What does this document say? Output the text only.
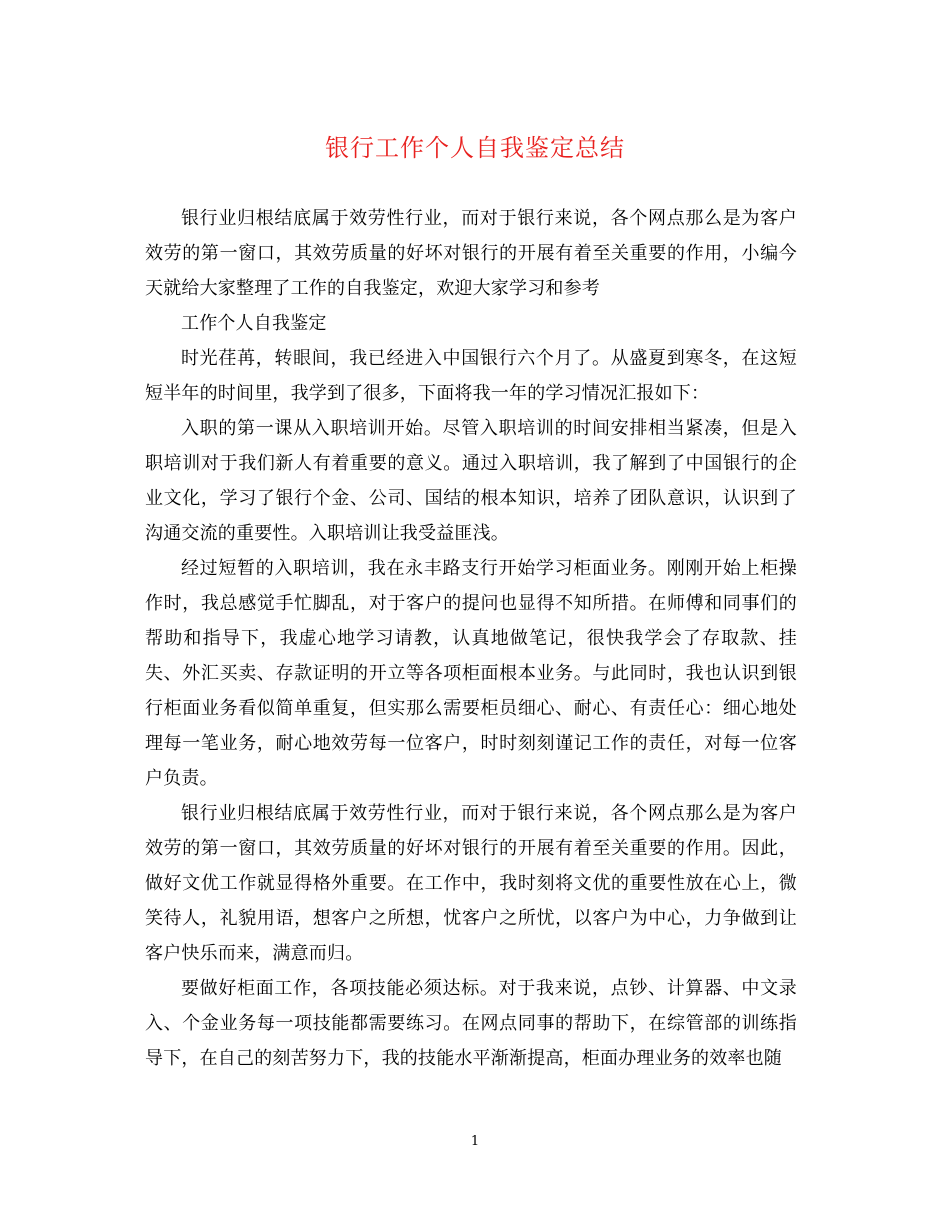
银行工作个人自我鉴定总结

银行业归根结底属于效劳性行业，而对于银行来说，各个网点那么是为客户效劳的第一窗口，其效劳质量的好坏对银行的开展有着至关重要的作用，小编今天就给大家整理了工作的自我鉴定，欢迎大家学习和参考

工作个人自我鉴定

时光荏苒，转眼间，我已经进入中国银行六个月了。从盛夏到寒冬，在这短短半年的时间里，我学到了很多，下面将我一年的学习情况汇报如下：

入职的第一课从入职培训开始。尽管入职培训的时间安排相当紧凑，但是入职培训对于我们新人有着重要的意义。通过入职培训，我了解到了中国银行的企业文化，学习了银行个金、公司、国结的根本知识，培养了团队意识，认识到了沟通交流的重要性。入职培训让我受益匪浅。

经过短暂的入职培训，我在永丰路支行开始学习柜面业务。刚刚开始上柜操作时，我总感觉手忙脚乱，对于客户的提问也显得不知所措。在师傅和同事们的帮助和指导下，我虚心地学习请教，认真地做笔记，很快我学会了存取款、挂失、外汇买卖、存款证明的开立等各项柜面根本业务。与此同时，我也认识到银行柜面业务看似简单重复，但实那么需要柜员细心、耐心、有责任心：细心地处理每一笔业务，耐心地效劳每一位客户，时时刻刻谨记工作的责任，对每一位客户负责。

银行业归根结底属于效劳性行业，而对于银行来说，各个网点那么是为客户效劳的第一窗口，其效劳质量的好坏对银行的开展有着至关重要的作用。因此，做好文优工作就显得格外重要。在工作中，我时刻将文优的重要性放在心上，微笑待人，礼貌用语，想客户之所想，忧客户之所忧，以客户为中心，力争做到让客户快乐而来，满意而归。

要做好柜面工作，各项技能必须达标。对于我来说，点钞、计算器、中文录入、个金业务每一项技能都需要练习。在网点同事的帮助下，在综管部的训练指导下，在自己的刻苦努力下，我的技能水平渐渐提高，柜面办理业务的效率也随

1
